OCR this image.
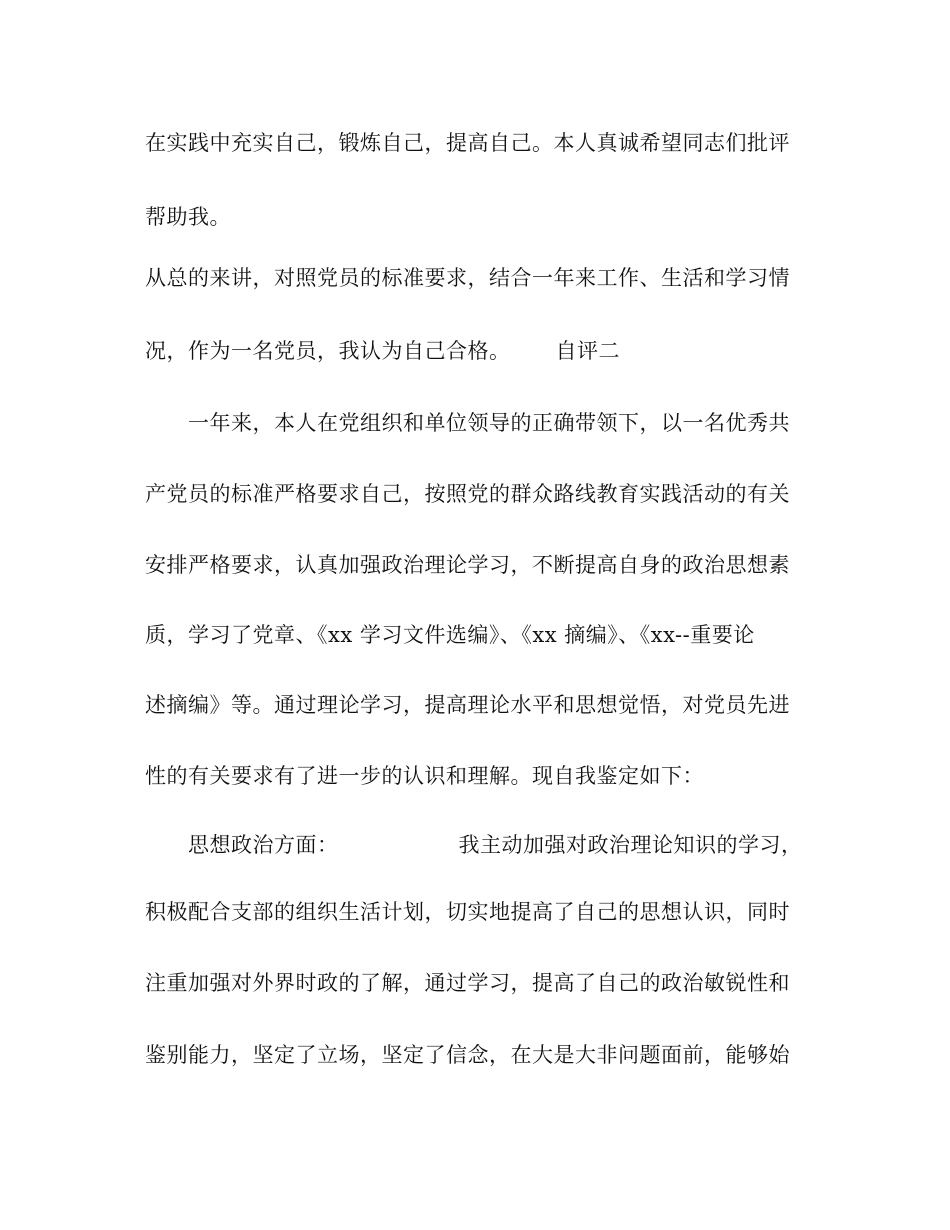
在实践中充实自己，锻炼自己，提高自己。本人真诚希望同志们批评
帮助我。
从总的来讲，对照党员的标准要求，结合一年来工作、生活和学习情
况，作为一名党员，我认为自己合格。 自评二
一年来，本人在党组织和单位领导的正确带领下，以一名优秀共
产党员的标准严格要求自己，按照党的群众路线教育实践活动的有关
安排严格要求，认真加强政治理论学习，不断提高自身的政治思想素
质，学习了党章、《xx 学习文件选编》、《xx 摘编》、《xx--重要论
述摘编》等。通过理论学习，提高理论水平和思想觉悟，对党员先进
性的有关要求有了进一步的认识和理解。现自我鉴定如下：
思想政治方面：	我主动加强对政治理论知识的学习，
积极配合支部的组织生活计划，切实地提高了自己的思想认识，同时
注重加强对外界时政的了解，通过学习，提高了自己的政治敏锐性和
鉴别能力，坚定了立场，坚定了信念，在大是大非问题面前，能够始
